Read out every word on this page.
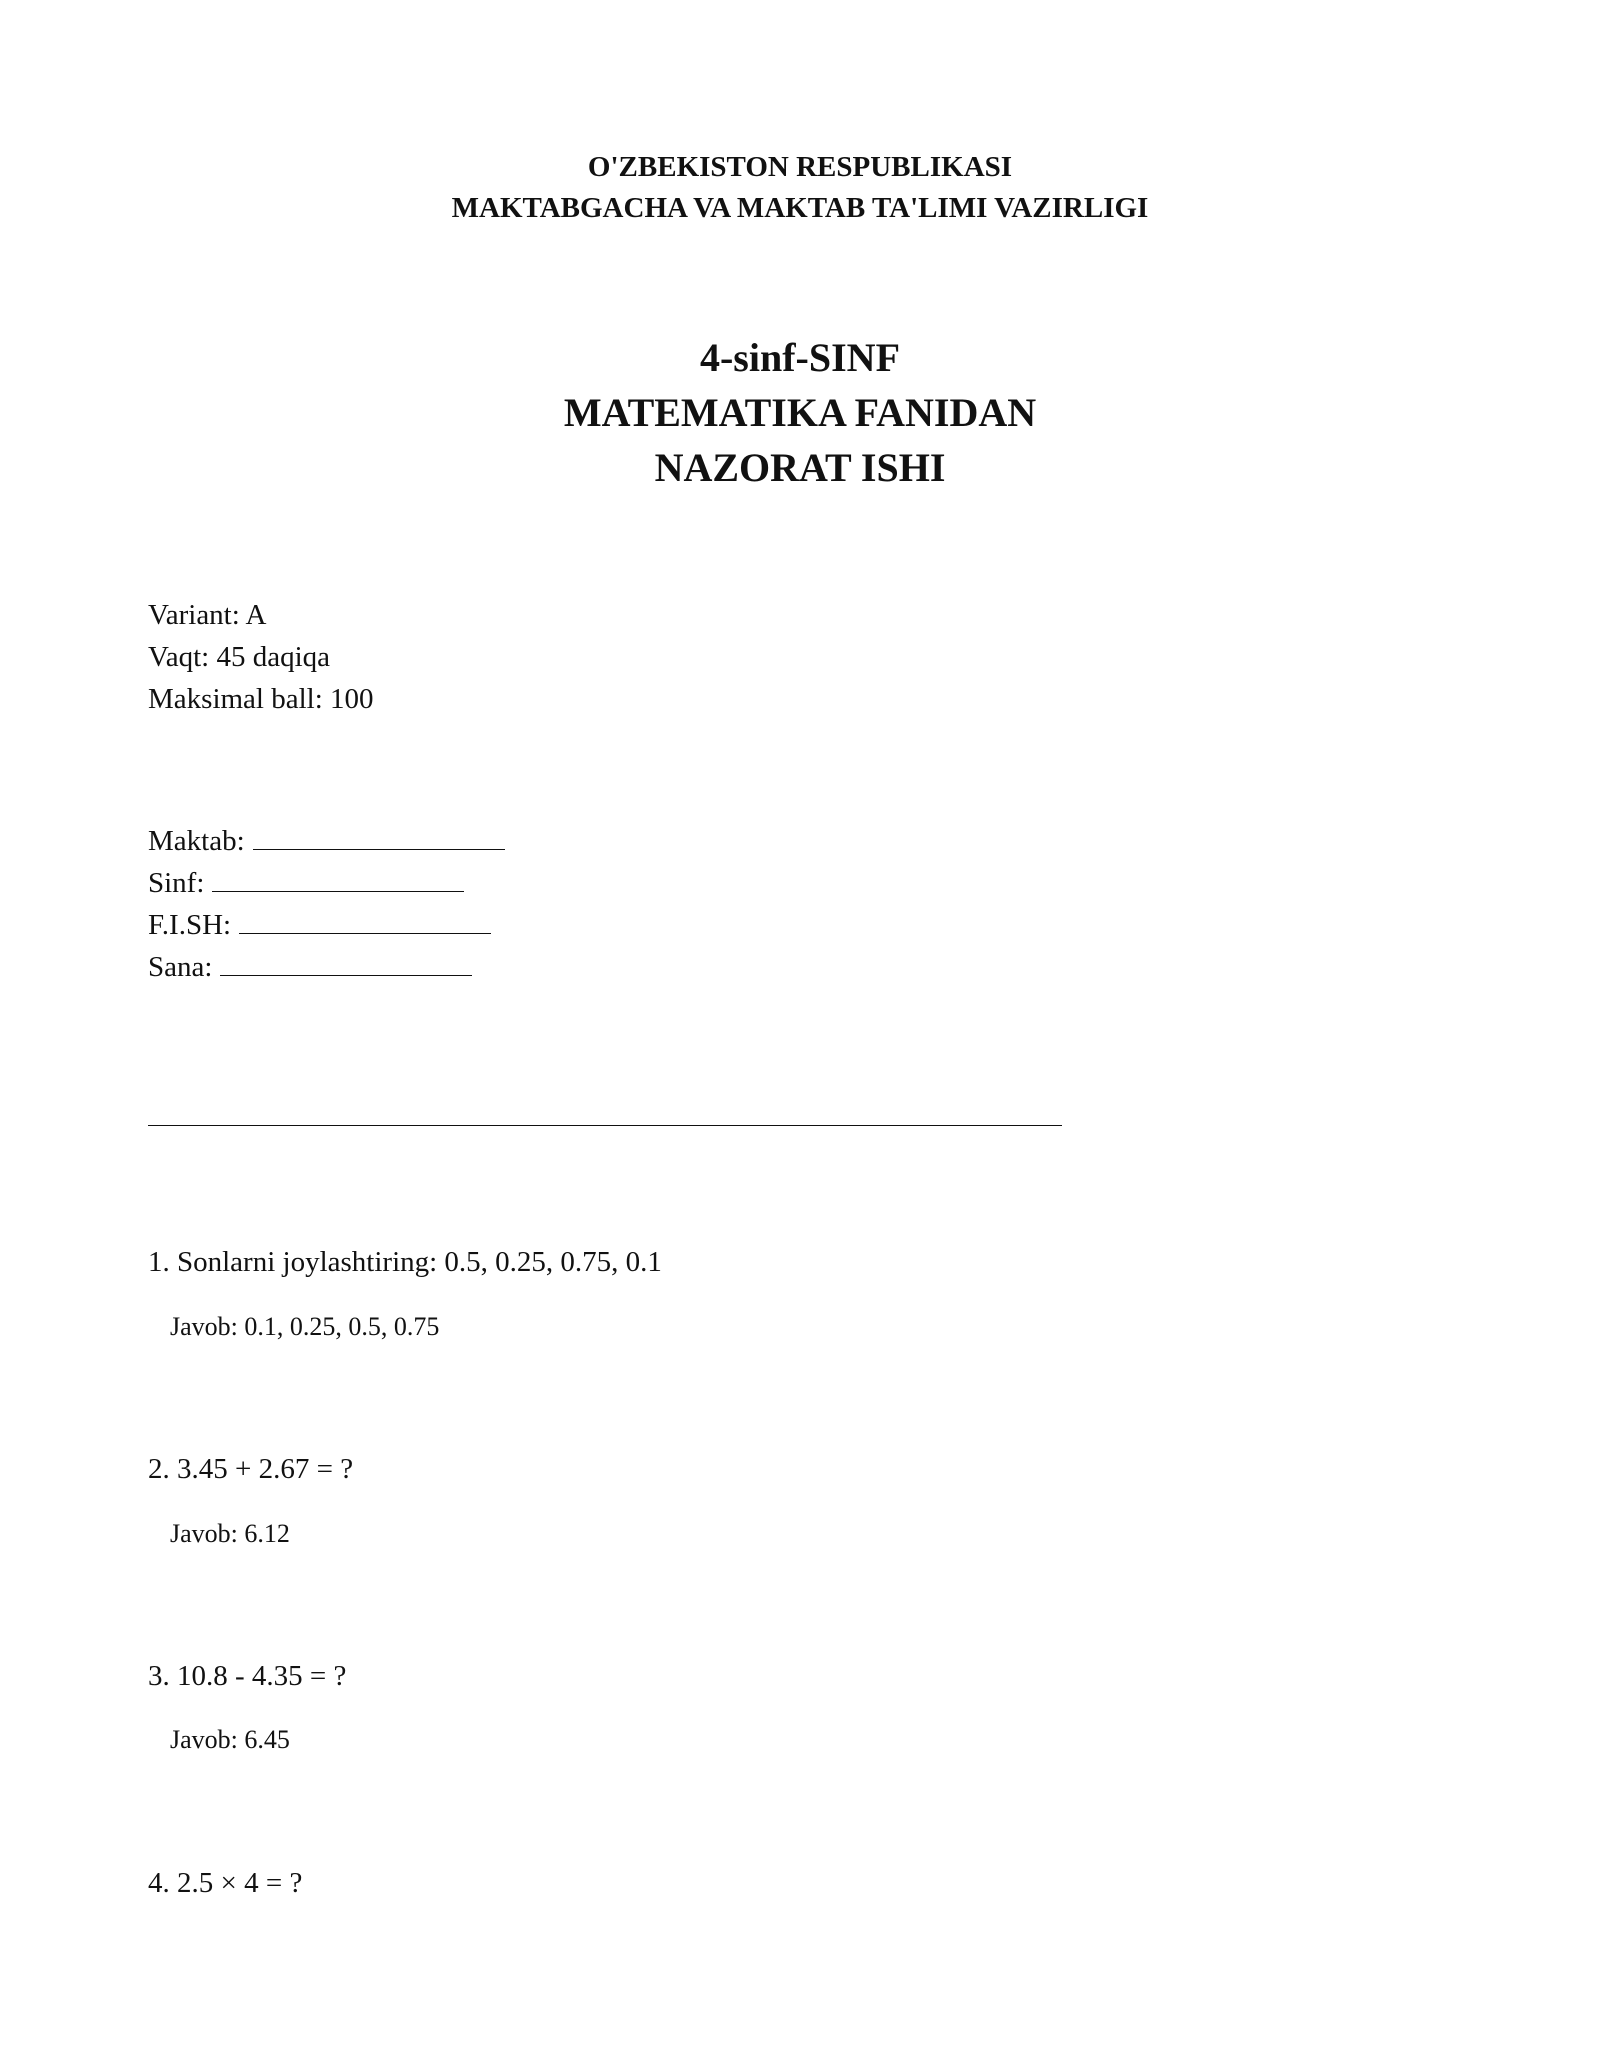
O'ZBEKISTON RESPUBLIKASI
MAKTABGACHA VA MAKTAB TA'LIMI VAZIRLIGI
4-sinf-SINF
MATEMATIKA FANIDAN
NAZORAT ISHI
Variant: A
Vaqt: 45 daqiqa
Maksimal ball: 100
Maktab:
Sinf:
F.I.SH:
Sana:
1. Sonlarni joylashtiring: 0.5, 0.25, 0.75, 0.1
Javob: 0.1, 0.25, 0.5, 0.75
2. 3.45 + 2.67 = ?
Javob: 6.12
3. 10.8 - 4.35 = ?
Javob: 6.45
4. 2.5 × 4 = ?
